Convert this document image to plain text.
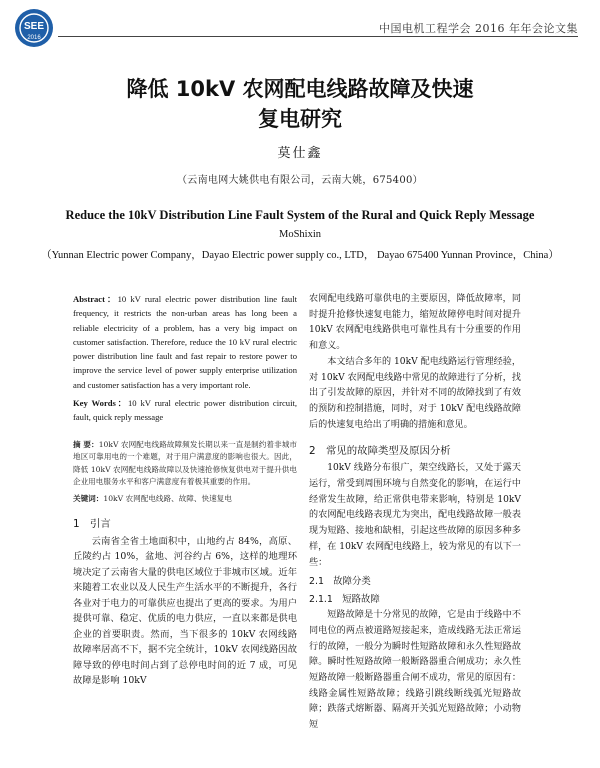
SEE
2016
中国电机工程学会 2016 年年会论文集
降低 10kV 农网配电线路故障及快速
复电研究
莫仕鑫
（云南电网大姚供电有限公司，云南大姚，675400）
Reduce the 10kV Distribution Line Fault System of the Rural and Quick Reply Message
MoShixin
（Yunnan Electric power Company，Dayao Electric power supply co., LTD， Dayao 675400 Yunnan Province，China）

Abstract：10 kV rural electric power distribution line fault frequency, it restricts the non-urban areas has long been a reliable electricity of a problem, has a very big impact on customer satisfaction. Therefore, reduce the 10 kV rural electric power distribution line fault and fast repair to restore power to improve the service level of power supply enterprise utilization and customer satisfaction has a very important role.

Key Words：10 kV rural electric power distribution circuit, fault, quick reply message

摘 要：10kV 农网配电线路故障频发长期以来一直是制约着非城市地区可靠用电的一个难题，对于用户满意度的影响也很大。因此，降低 10kV 农网配电线路故障以及快速抢修恢复供电对于提升供电企业用电服务水平和客户满意度有着极其重要的作用。

关键词：10kV 农网配电线路、故障、快速复电

1　引言

云南省全省土地面积中，山地约占 84%，高原、丘陵约占 10%，盆地、河谷约占 6%，这样的地理环境决定了云南省大量的供电区域位于非城市区域。近年来随着工农业以及人民生产生活水平的不断提升，各行各业对于电力的可靠供应也提出了更高的要求。为用户提供可靠、稳定、优质的电力供应，一直以来都是供电企业的首要职责。然而，当下很多的 10kV 农网线路故障率居高不下，据不完全统计，10kV 农网线路因故障导致的停电时间占到了总停电时间的近 7 成，可见故障是影响 10kV

农网配电线路可靠供电的主要原因，降低故障率，同时提升抢修快速复电能力，缩短故障停电时间对提升 10kV 农网配电线路供电可靠性具有十分重要的作用和意义。

本文结合多年的 10kV 配电线路运行管理经验，对 10kV 农网配电线路中常见的故障进行了分析，找出了引发故障的原因，并针对不同的故障找到了有效的预防和控制措施，同时，对于 10kV 配电线路故障后的快速复电给出了明确的措施和意见。

2　常见的故障类型及原因分析

10kV 线路分布很广，架空线路长，又处于露天运行，常受到周围环境与自然变化的影响，在运行中经常发生故障，给正常供电带来影响，特别是 10kV 的农网配电线路表现尤为突出，配电线路故障一般表现为短路、接地和缺相，引起这些故障的原因多种多样，在 10kV 农网配电线路上，较为常见的有以下一些：

2.1　故障分类
2.1.1　短路故障

短路故障是十分常见的故障，它是由于线路中不同电位的两点被道路短接起来，造成线路无法正常运行的故障，一般分为瞬时性短路故障和永久性短路故障。瞬时性短路故障一般断路器重合闸成功；永久性短路故障一般断路器重合闸不成功，常见的原因有：线路金属性短路故障；线路引跳线断线弧光短路故障；跌落式熔断器、隔离开关弧光短路故障；小动物短
